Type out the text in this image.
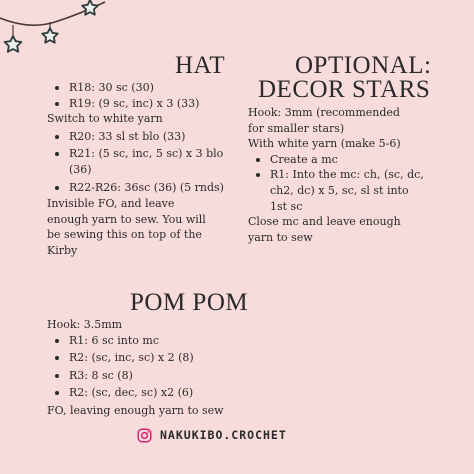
HAT
R18: 30 sc (30)
R19: (9 sc, inc) x 3 (33)
Switch to white yarn
R20: 33 sl st blo (33)
R21: (5 sc, inc, 5 sc) x 3 blo
(36)
R22-R26: 36sc (36) (5 rnds)
Invisible FO, and leave
enough yarn to sew. You will
be sewing this on top of the
Kirby
OPTIONAL:
DECOR STARS
Hook: 3mm (recommended
for smaller stars)
With white yarn (make 5-6)
Create a mc
R1: Into the mc: ch, (sc, dc,
ch2, dc) x 5, sc, sl st into
1st sc
Close mc and leave enough
yarn to sew
POM POM
Hook: 3.5mm
R1: 6 sc into mc
R2: (sc, inc, sc) x 2 (8)
R3: 8 sc (8)
R2: (sc, dec, sc) x2 (6)
FO, leaving enough yarn to sew
NAKUKIBO.CROCHET
